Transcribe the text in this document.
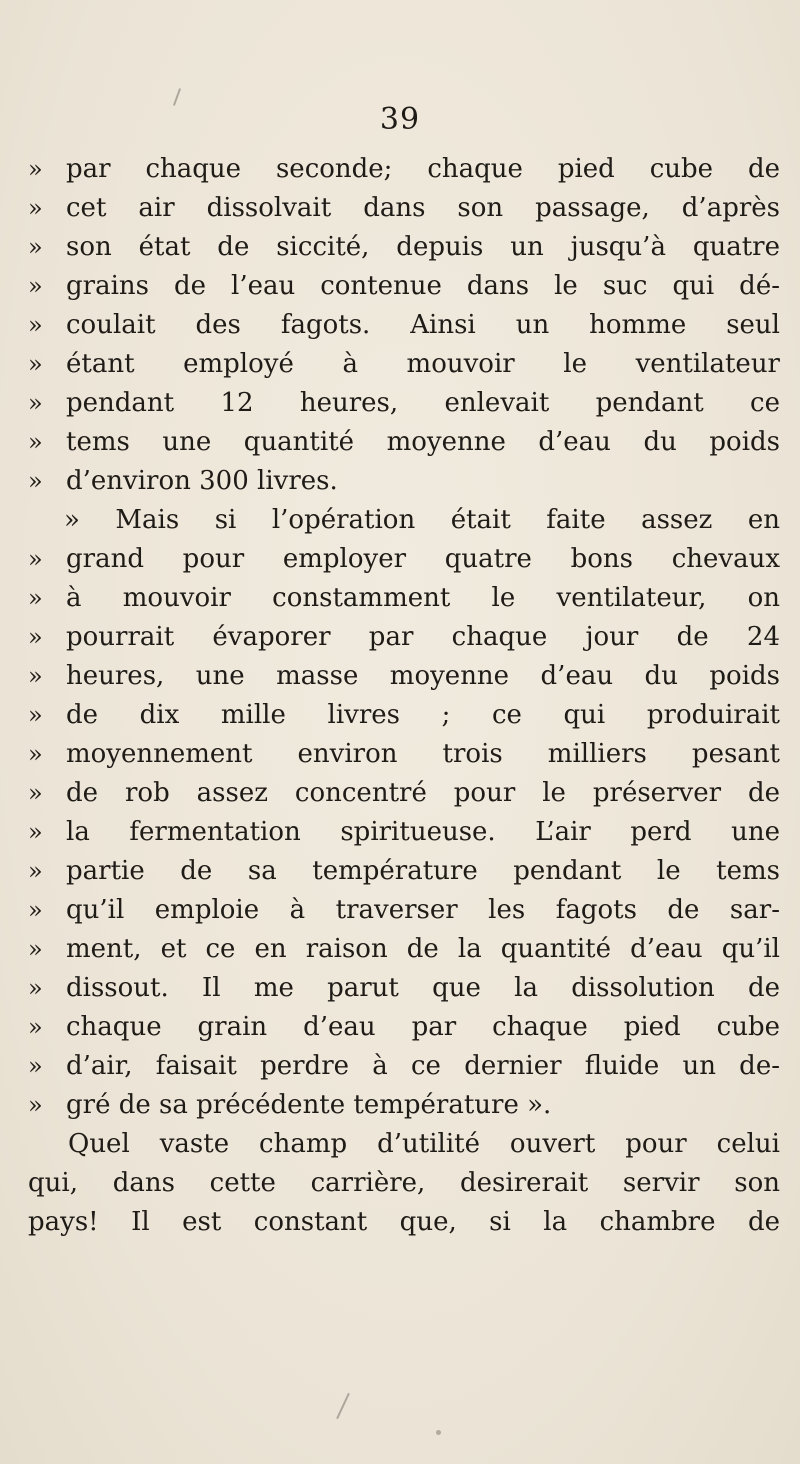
39
» par chaque seconde; chaque pied cube de
» cet air dissolvait dans son passage, d’après
» son état de siccité, depuis un jusqu’à quatre
» grains de l’eau contenue dans le suc qui dé-
» coulait des fagots. Ainsi un homme seul
» étant employé à mouvoir le ventilateur
» pendant 12 heures, enlevait pendant ce
» tems une quantité moyenne d’eau du poids
» d’environ 300 livres.
» Mais si l’opération était faite assez en
» grand pour employer quatre bons chevaux
» à mouvoir constamment le ventilateur, on
» pourrait évaporer par chaque jour de 24
» heures, une masse moyenne d’eau du poids
» de dix mille livres ; ce qui produirait
» moyennement environ trois milliers pesant
» de rob assez concentré pour le préserver de
» la fermentation spiritueuse. L’air perd une
» partie de sa température pendant le tems
» qu’il emploie à traverser les fagots de sar-
» ment, et ce en raison de la quantité d’eau qu’il
» dissout. Il me parut que la dissolution de
» chaque grain d’eau par chaque pied cube
» d’air, faisait perdre à ce dernier fluide un de-
» gré de sa précédente température ».
Quel vaste champ d’utilité ouvert pour celui
qui, dans cette carrière, desirerait servir son
pays! Il est constant que, si la chambre de
